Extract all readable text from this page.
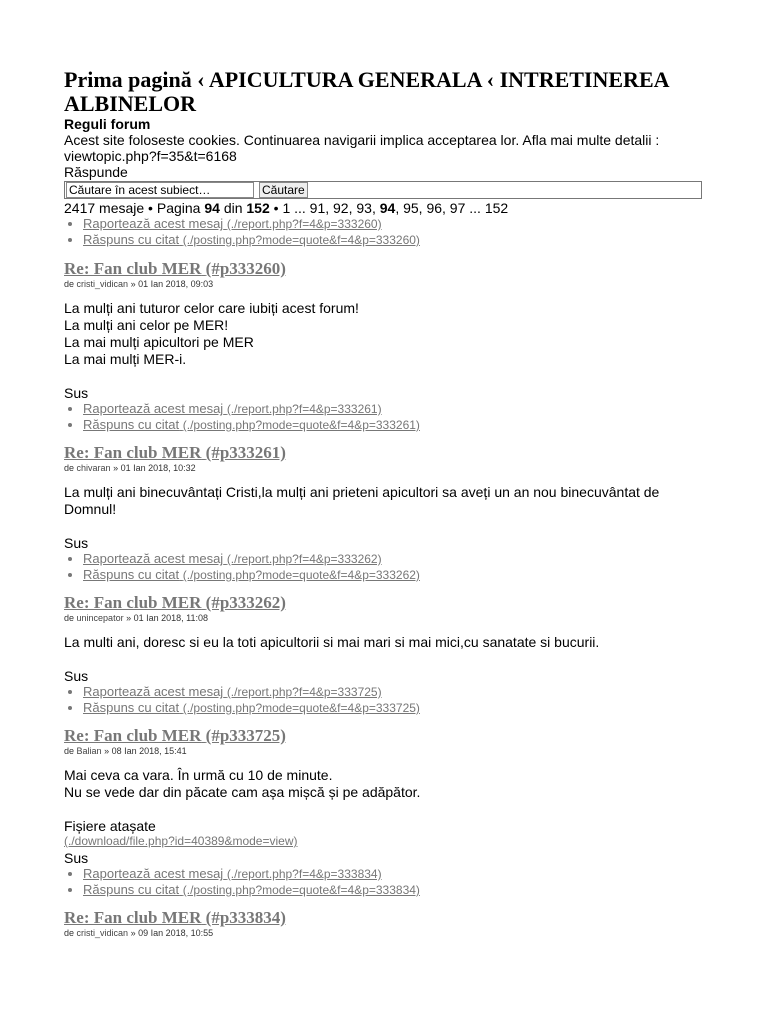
Prima pagină ‹ APICULTURA GENERALA ‹ INTRETINEREA ALBINELOR
Reguli forum
Acest site foloseste cookies. Continuarea navigarii implica acceptarea lor. Afla mai multe detalii : viewtopic.php?f=35&t=6168
Răspunde
Căutare în acest subiect…
Căutare
2417 mesaje • Pagina 94 din 152 • 1 ... 91, 92, 93, 94, 95, 96, 97 ... 152
• Raportează acest mesaj (./report.php?f=4&p=333260)
• Răspuns cu citat (./posting.php?mode=quote&f=4&p=333260)
Re: Fan club MER (#p333260)
de cristi_vidican » 01 Ian 2018, 09:03
La mulți ani tuturor celor care iubiți acest forum!
La mulți ani celor pe MER!
La mai mulți apicultori pe MER
La mai mulți MER-i.
Sus
• Raportează acest mesaj (./report.php?f=4&p=333261)
• Răspuns cu citat (./posting.php?mode=quote&f=4&p=333261)
Re: Fan club MER (#p333261)
de chivaran » 01 Ian 2018, 10:32
La mulți ani binecuvântați Cristi,la mulți ani prieteni apicultori sa aveți un an nou binecuvântat de Domnul!
Sus
• Raportează acest mesaj (./report.php?f=4&p=333262)
• Răspuns cu citat (./posting.php?mode=quote&f=4&p=333262)
Re: Fan club MER (#p333262)
de unincepator » 01 Ian 2018, 11:08
La multi ani, doresc si eu la toti apicultorii si mai mari si mai mici,cu sanatate si bucurii.
Sus
• Raportează acest mesaj (./report.php?f=4&p=333725)
• Răspuns cu citat (./posting.php?mode=quote&f=4&p=333725)
Re: Fan club MER (#p333725)
de Balian » 08 Ian 2018, 15:41
Mai ceva ca vara. În urmă cu 10 de minute.
Nu se vede dar din păcate cam așa mișcă și pe adăpător.
Fișiere atașate
(./download/file.php?id=40389&mode=view)
Sus
• Raportează acest mesaj (./report.php?f=4&p=333834)
• Răspuns cu citat (./posting.php?mode=quote&f=4&p=333834)
Re: Fan club MER (#p333834)
de cristi_vidican » 09 Ian 2018, 10:55
